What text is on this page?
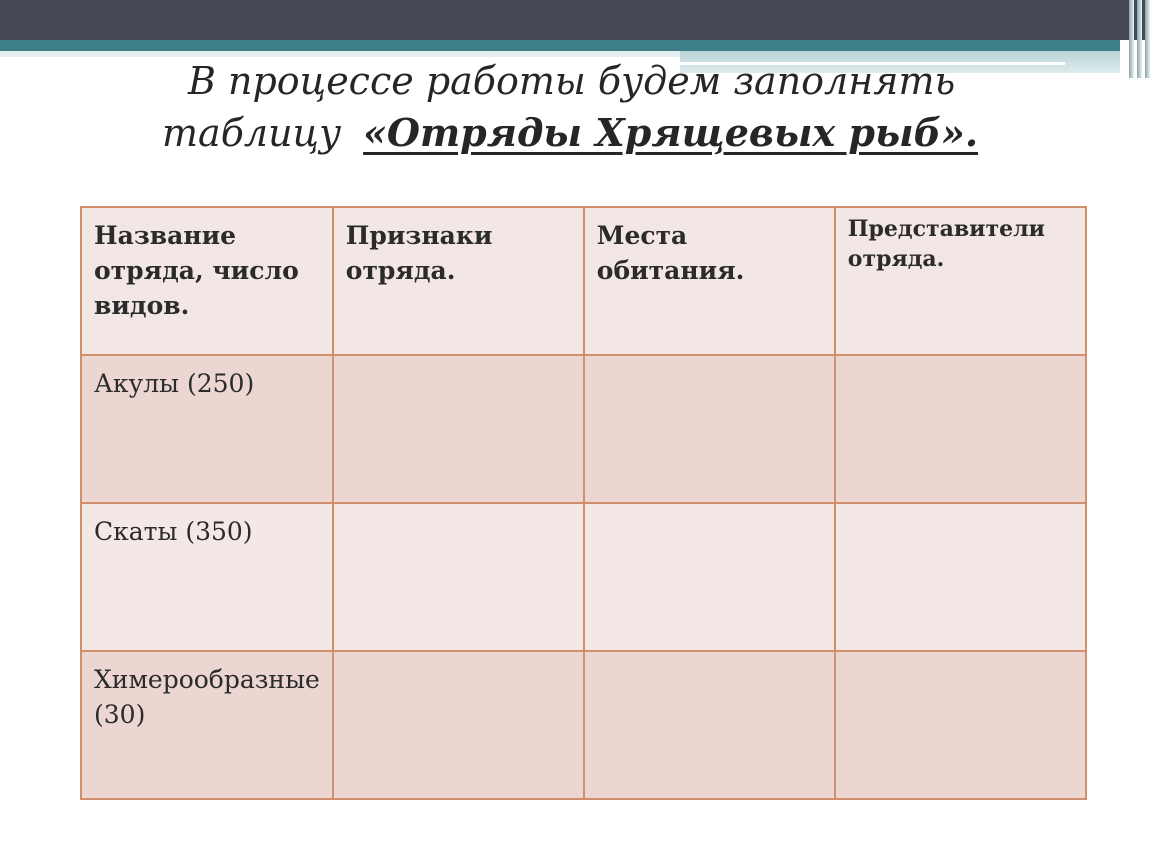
В процессе работы будем заполнять
таблицу «Отряды Хрящевых рыб».
Название отряда, число видов.	Признаки отряда.	Места обитания.	Представители отряда.
Акулы (250)			
Скаты (350)			
Химерообразные (30)			
